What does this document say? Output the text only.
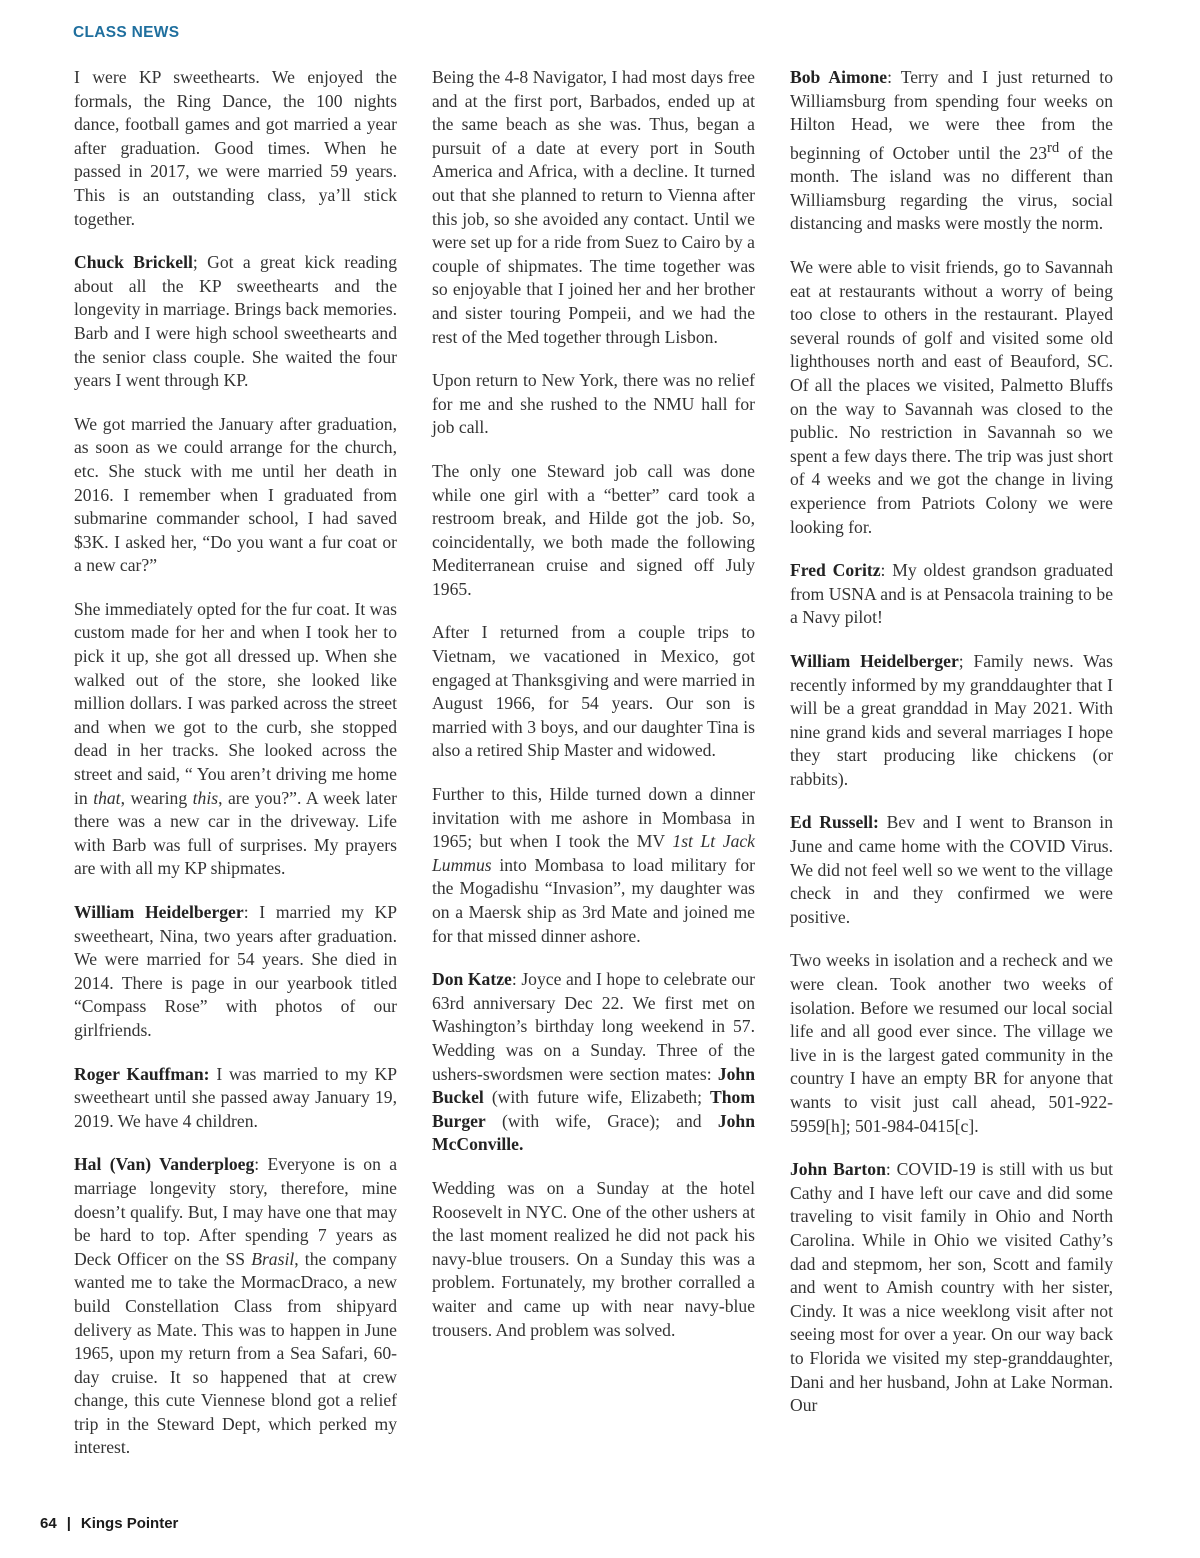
CLASS NEWS

I were KP sweethearts. We enjoyed the formals, the Ring Dance, the 100 nights dance, football games and got married a year after graduation. Good times. When he passed in 2017, we were married 59 years. This is an outstanding class, ya’ll stick together.

Chuck Brickell; Got a great kick reading about all the KP sweethearts and the longevity in marriage. Brings back memories. Barb and I were high school sweethearts and the senior class couple. She waited the four years I went through KP.

We got married the January after graduation, as soon as we could arrange for the church, etc. She stuck with me until her death in 2016. I remember when I graduated from submarine commander school, I had saved $3K. I asked her, “Do you want a fur coat or a new car?”

She immediately opted for the fur coat. It was custom made for her and when I took her to pick it up, she got all dressed up. When she walked out of the store, she looked like million dollars. I was parked across the street and when we got to the curb, she stopped dead in her tracks. She looked across the street and said, “ You aren’t driving me home in that, wearing this, are you?”. A week later there was a new car in the driveway. Life with Barb was full of surprises. My prayers are with all my KP shipmates.

William Heidelberger: I married my KP sweetheart, Nina, two years after graduation. We were married for 54 years. She died in 2014. There is page in our yearbook titled “Compass Rose” with photos of our girlfriends.

Roger Kauffman: I was married to my KP sweetheart until she passed away January 19, 2019. We have 4 children.

Hal (Van) Vanderploeg: Everyone is on a marriage longevity story, therefore, mine doesn’t qualify. But, I may have one that may be hard to top. After spending 7 years as Deck Officer on the SS Brasil, the company wanted me to take the MormacDraco, a new build Constellation Class from shipyard delivery as Mate. This was to happen in June 1965, upon my return from a Sea Safari, 60-day cruise. It so happened that at crew change, this cute Viennese blond got a relief trip in the Steward Dept, which perked my interest.

Being the 4-8 Navigator, I had most days free and at the first port, Barbados, ended up at the same beach as she was. Thus, began a pursuit of a date at every port in South America and Africa, with a decline. It turned out that she planned to return to Vienna after this job, so she avoided any contact. Until we were set up for a ride from Suez to Cairo by a couple of shipmates. The time together was so enjoyable that I joined her and her brother and sister touring Pompeii, and we had the rest of the Med together through Lisbon.

Upon return to New York, there was no relief for me and she rushed to the NMU hall for job call.

The only one Steward job call was done while one girl with a “better” card took a restroom break, and Hilde got the job. So, coincidentally, we both made the following Mediterranean cruise and signed off July 1965.

After I returned from a couple trips to Vietnam, we vacationed in Mexico, got engaged at Thanksgiving and were married in August 1966, for 54 years. Our son is married with 3 boys, and our daughter Tina is also a retired Ship Master and widowed.

Further to this, Hilde turned down a dinner invitation with me ashore in Mombasa in 1965; but when I took the MV 1st Lt Jack Lummus into Mombasa to load military for the Mogadishu “Invasion”, my daughter was on a Maersk ship as 3rd Mate and joined me for that missed dinner ashore.

Don Katze: Joyce and I hope to celebrate our 63rd anniversary Dec 22. We first met on Washington’s birthday long weekend in 57. Wedding was on a Sunday. Three of the ushers-swordsmen were section mates: John Buckel (with future wife, Elizabeth; Thom Burger (with wife, Grace); and John McConville.

Wedding was on a Sunday at the hotel Roosevelt in NYC. One of the other ushers at the last moment realized he did not pack his navy-blue trousers. On a Sunday this was a problem. Fortunately, my brother corralled a waiter and came up with near navy-blue trousers. And problem was solved.

Bob Aimone: Terry and I just returned to Williamsburg from spending four weeks on Hilton Head, we were thee from the beginning of October until the 23rd of the month. The island was no different than Williamsburg regarding the virus, social distancing and masks were mostly the norm.

We were able to visit friends, go to Savannah eat at restaurants without a worry of being too close to others in the restaurant. Played several rounds of golf and visited some old lighthouses north and east of Beauford, SC. Of all the places we visited, Palmetto Bluffs on the way to Savannah was closed to the public. No restriction in Savannah so we spent a few days there. The trip was just short of 4 weeks and we got the change in living experience from Patriots Colony we were looking for.

Fred Coritz: My oldest grandson graduated from USNA and is at Pensacola training to be a Navy pilot!

William Heidelberger; Family news. Was recently informed by my granddaughter that I will be a great granddad in May 2021. With nine grand kids and several marriages I hope they start producing like chickens (or rabbits).

Ed Russell: Bev and I went to Branson in June and came home with the COVID Virus. We did not feel well so we went to the village check in and they confirmed we were positive.

Two weeks in isolation and a recheck and we were clean. Took another two weeks of isolation. Before we resumed our local social life and all good ever since. The village we live in is the largest gated community in the country I have an empty BR for anyone that wants to visit just call ahead, 501-922-5959[h]; 501-984-0415[c].

John Barton: COVID-19 is still with us but Cathy and I have left our cave and did some traveling to visit family in Ohio and North Carolina. While in Ohio we visited Cathy’s dad and stepmom, her son, Scott and family and went to Amish country with her sister, Cindy. It was a nice weeklong visit after not seeing most for over a year. On our way back to Florida we visited my step-granddaughter, Dani and her husband, John at Lake Norman. Our

64 | Kings Pointer
